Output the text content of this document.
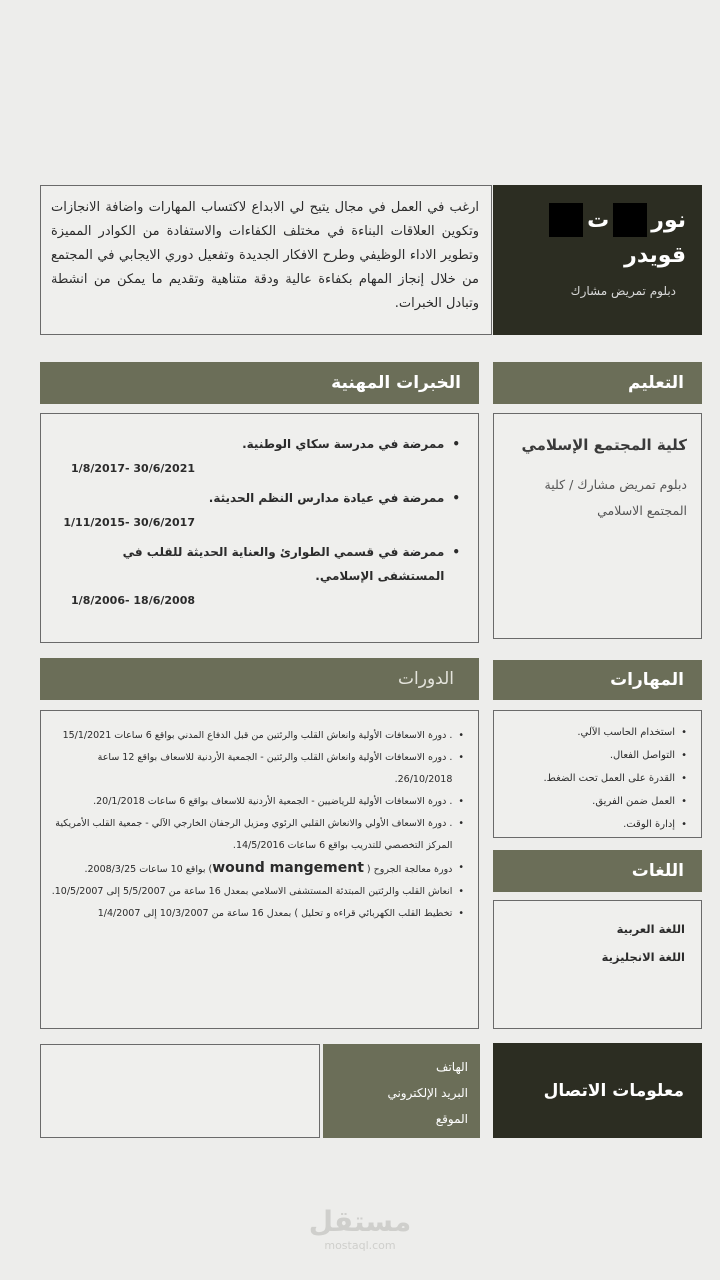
نور
ت
قويدر
دبلوم تمريض مشارك
ارغب في العمل في مجال يتيح لي الابداع لاكتساب المهارات واضافة الانجازات وتكوين العلاقات البناءة في مختلف الكفاءات والاستفادة من الكوادر المميزة وتطوير الاداء الوظيفي وطرح الافكار الجديدة وتفعيل دوري الايجابي في المجتمع من خلال إنجاز المهام بكفاءة عالية ودقة متناهية وتقديم ما يمكن من انشطة وتبادل الخبرات.
التعليم
الخبرات المهنية
كلية المجتمع الإسلامي
دبلوم تمريض مشارك / كلية المجتمع الاسلامي
•
ممرضة في مدرسة سكاي الوطنية.
1/8/2017- 30/6/2021
•
ممرضة في عيادة مدارس النظم الحديثة.
1/11/2015- 30/6/2017
•
ممرضة في قسمي الطوارئ والعناية الحديثة للقلب في المستشفى الإسلامي.
1/8/2006- 18/6/2008
المهارات
الدورات
•
. دورة الاسعافات الأولية وانعاش القلب والرئتين من قبل الدفاع المدني بواقع 6 ساعات 15/1/2021
•
. دوره الاسعافات الأولية وانعاش القلب والرئتين - الجمعية الأردنية للاسعاف بواقع 12 ساعة 26/10/2018.
•
. دورة الاسعافات الأولية للرياضيين - الجمعية الأردنية للاسعاف بواقع 6 ساعات 20/1/2018.
•
. دورة الاسعاف الأولي والانعاش القلبي الرئوي ومزيل الرجفان الخارجي الآلي - جمعية القلب الأمريكية المركز التخصصي للتدريب بواقع 6 ساعات 14/5/2016.
•
دورة معالجة الجروح ( wound mangement) بواقع 10 ساعات 2008/3/25.
•
انعاش القلب والرئتين المبتدئة المستشفى الاسلامي بمعدل 16 ساعة من 5/5/2007 إلى 10/5/2007.
•
تخطيط القلب الكهربائي قراءه و تحليل ) بمعدل 16 ساعة من 10/3/2007 إلى 1/4/2007
•
استخدام الحاسب الآلي.
•
التواصل الفعال.
•
القدرة على العمل تحت الضغط.
•
العمل ضمن الفريق.
•
إدارة الوقت.
اللغات
اللغة العربية
اللغة الانجليزية
معلومات الاتصال
الهاتف
البريد الإلكتروني
الموقع
مستقل
mostaql.com
